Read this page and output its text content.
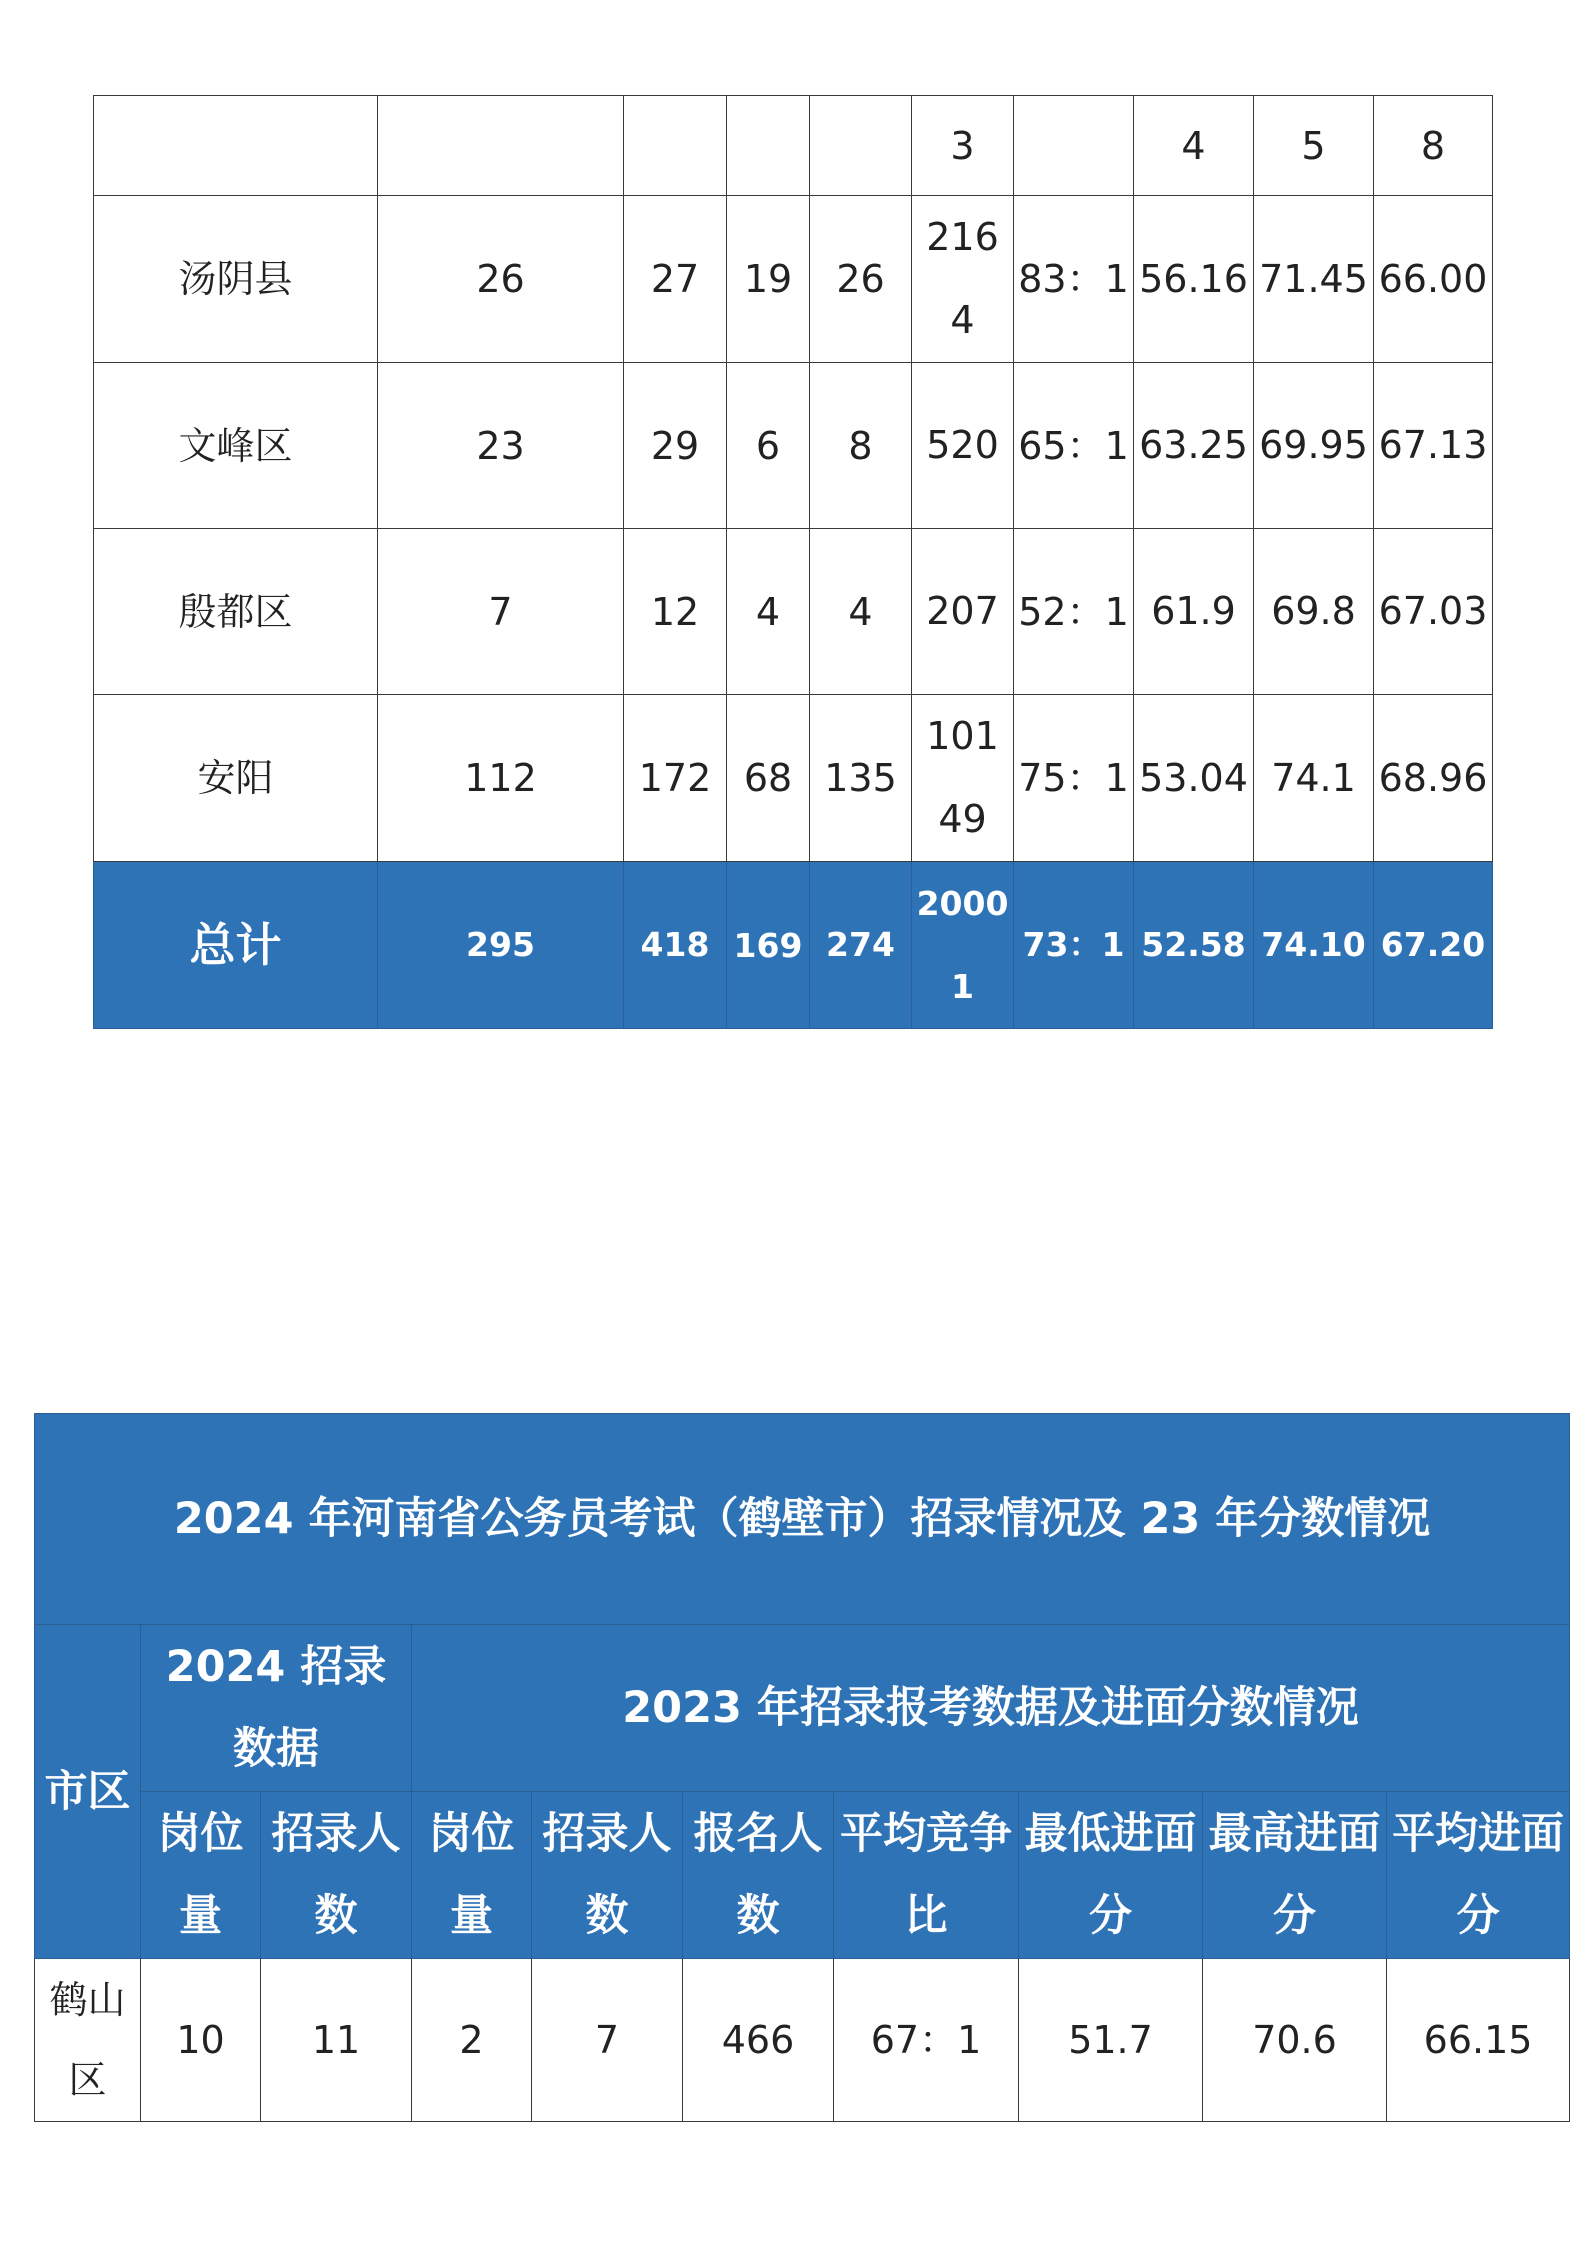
					3		4	5	8
汤阴县	26	27	19	26	2164	83：1	56.16	71.45	66.00
文峰区	23	29	6	8	520	65：1	63.25	69.95	67.13
殷都区	7	12	4	4	207	52：1	61.9	69.8	67.03
安阳	112	172	68	135	10149	75：1	53.04	74.1	68.96
总计	295	418	169	274	20001	73：1	52.58	74.10	67.20
2024 年河南省公务员考试（鹤壁市）招录情况及 23 年分数情况									
市区	2024 招录数据		2023 年招录报考数据及进面分数情况						
	岗位量	招录人数	岗位量	招录人数	报名人数	平均竞争比	最低进面分	最高进面分	平均进面分
鹤山区	10	11	2	7	466	67：1	51.7	70.6	66.15
